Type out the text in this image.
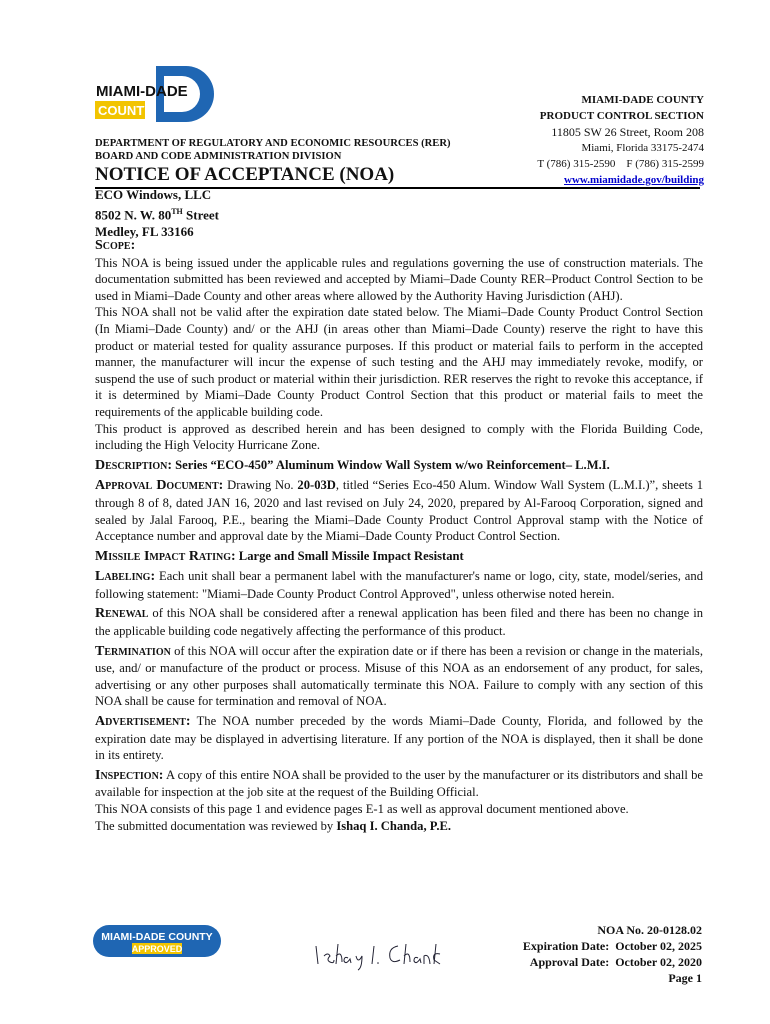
MIAMI-DADE
COUNTY
MIAMI-DADE COUNTY
PRODUCT CONTROL SECTION
11805 SW 26 Street, Room 208
Miami, Florida 33175-2474
T (786) 315-2590    F (786) 315-2599
www.miamidade.gov/building
DEPARTMENT OF REGULATORY AND ECONOMIC RESOURCES (RER)
BOARD AND CODE ADMINISTRATION DIVISION
NOTICE OF ACCEPTANCE (NOA)
ECO Windows, LLC
8502 N. W. 80TH Street
Medley, FL 33166

Scope:

This NOA is being issued under the applicable rules and regulations governing the use of construction materials. The documentation submitted has been reviewed and accepted by Miami–Dade County RER–Product Control Section to be used in Miami–Dade County and other areas where allowed by the Authority Having Jurisdiction (AHJ).

This NOA shall not be valid after the expiration date stated below. The Miami–Dade County Product Control Section (In Miami–Dade County) and/ or the AHJ (in areas other than Miami–Dade County) reserve the right to have this product or material tested for quality assurance purposes. If this product or material fails to perform in the accepted manner, the manufacturer will incur the expense of such testing and the AHJ may immediately revoke, modify, or suspend the use of such product or material within their jurisdiction. RER reserves the right to revoke this acceptance, if it is determined by Miami–Dade County Product Control Section that this product or material fails to meet the requirements of the applicable building code.

This product is approved as described herein and has been designed to comply with the Florida Building Code, including the High Velocity Hurricane Zone.

Description: Series “ECO-450” Aluminum Window Wall System w/wo Reinforcement– L.M.I.

Approval Document: Drawing No. 20-03D, titled “Series Eco-450 Alum. Window Wall System (L.M.I.)”, sheets 1 through 8 of 8, dated JAN 16, 2020 and last revised on July 24, 2020, prepared by Al-Farooq Corporation, signed and sealed by Jalal Farooq, P.E., bearing the Miami–Dade County Product Control Approval stamp with the Notice of Acceptance number and approval date by the Miami–Dade County Product Control Section.

Missile Impact Rating: Large and Small Missile Impact Resistant

Labeling: Each unit shall bear a permanent label with the manufacturer's name or logo, city, state, model/series, and following statement: "Miami–Dade County Product Control Approved", unless otherwise noted herein.

Renewal of this NOA shall be considered after a renewal application has been filed and there has been no change in the applicable building code negatively affecting the performance of this product.

Termination of this NOA will occur after the expiration date or if there has been a revision or change in the materials, use, and/ or manufacture of the product or process. Misuse of this NOA as an endorsement of any product, for sales, advertising or any other purposes shall automatically terminate this NOA. Failure to comply with any section of this NOA shall be cause for termination and removal of NOA.

Advertisement: The NOA number preceded by the words Miami–Dade County, Florida, and followed by the expiration date may be displayed in advertising literature. If any portion of the NOA is displayed, then it shall be done in its entirety.

Inspection: A copy of this entire NOA shall be provided to the user by the manufacturer or its distributors and shall be available for inspection at the job site at the request of the Building Official.

This NOA consists of this page 1 and evidence pages E-1 as well as approval document mentioned above.

The submitted documentation was reviewed by Ishaq I. Chanda, P.E.

MIAMI-DADE COUNTY
APPROVED
NOA No. 20-0128.02
Expiration Date:  October 02, 2025
Approval Date:  October 02, 2020
Page 1
